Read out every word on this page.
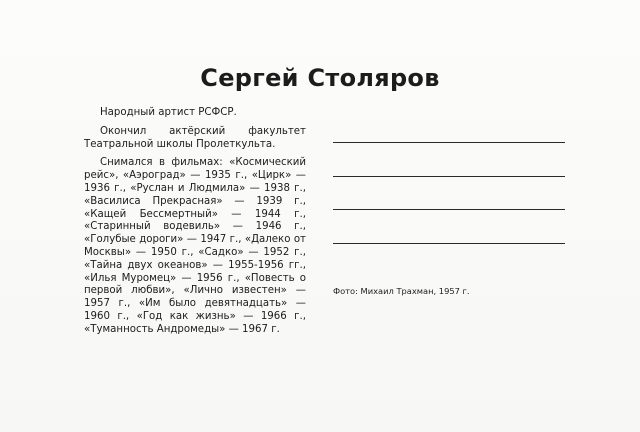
Сергей Столяров

Народный артист РСФСР.

Окончил актёрский факультет Театральной школы Пролеткульта.

Снимался в фильмах: «Космический рейс», «Аэроград» — 1935 г., «Цирк» — 1936 г., «Руслан и Людмила» — 1938 г., «Василиса Прекрасная» — 1939 г., «Кащей Бессмертный» — 1944 г., «Старинный водевиль» — 1946 г., «Голубые дороги» — 1947 г., «Далеко от Москвы» — 1950 г., «Садко» — 1952 г., «Тайна двух океанов» — 1955-1956 гг., «Илья Муромец» — 1956 г., «Повесть о первой любви», «Лично известен» — 1957 г., «Им было девятнадцать» — 1960 г., «Год как жизнь» — 1966 г., «Туманность Андромеды» — 1967 г.

Фото: Михаил Трахман, 1957 г.
